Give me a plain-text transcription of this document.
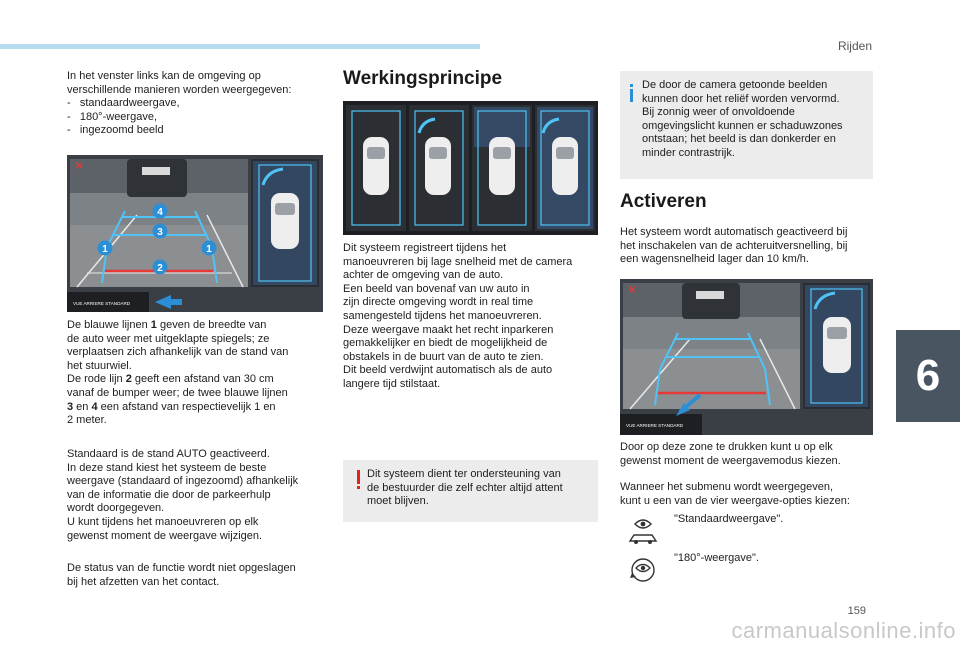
Rijden

In het venster links kan de omgeving op

verschillende manieren worden weergegeven:

-   standaardweergave,

-   180°-weergave,

-   ingezoomd beeld

1	1
2
3
4
✕
VUE ARRIERE STANDARD

De blauwe lijnen 1 geven de breedte van

de auto weer met uitgeklapte spiegels; ze

verplaatsen zich afhankelijk van de stand van

het stuurwiel.

De rode lijn 2 geeft een afstand van 30 cm

vanaf de bumper weer; de twee blauwe lijnen

3 en 4 een afstand van respectievelijk 1 en

2 meter.

Standaard is de stand AUTO geactiveerd.

In deze stand kiest het systeem de beste

weergave (standaard of ingezoomd) afhankelijk

van de informatie die door de parkeerhulp

wordt doorgegeven.

U kunt tijdens het manoeuvreren op elk

gewenst moment de weergave wijzigen.

De status van de functie wordt niet opgeslagen

bij het afzetten van het contact.

Werkingsprincipe

Dit systeem registreert tijdens het

manoeuvreren bij lage snelheid met de camera

achter de omgeving van de auto.

Een beeld van bovenaf van uw auto in

zijn directe omgeving wordt in real time

samengesteld tijdens het manoeuvreren.

Deze weergave maakt het recht inparkeren

gemakkelijker en biedt de mogelijkheid de

obstakels in de buurt van de auto te zien.

Dit beeld verdwijnt automatisch als de auto

langere tijd stilstaat.

Dit systeem dient ter ondersteuning van

de bestuurder die zelf echter altijd attent

moet blijven.

De door de camera getoonde beelden

kunnen door het reliëf worden vervormd.

Bij zonnig weer of onvoldoende

omgevingslicht kunnen er schaduwzones

ontstaan; het beeld is dan donkerder en

minder contrastrijk.

Activeren

Het systeem wordt automatisch geactiveerd bij

het inschakelen van de achteruitversnelling, bij

een wagensnelheid lager dan 10 km/h.

✕
VUE ARRIERE STANDARD

Door op deze zone te drukken kunt u op elk

gewenst moment de weergavemodus kiezen.

Wanneer het submenu wordt weergegeven,

kunt u een van de vier weergave-opties kiezen:

"Standaardweergave".
"180°-weergave".
6
159
carmanualsonline.info
